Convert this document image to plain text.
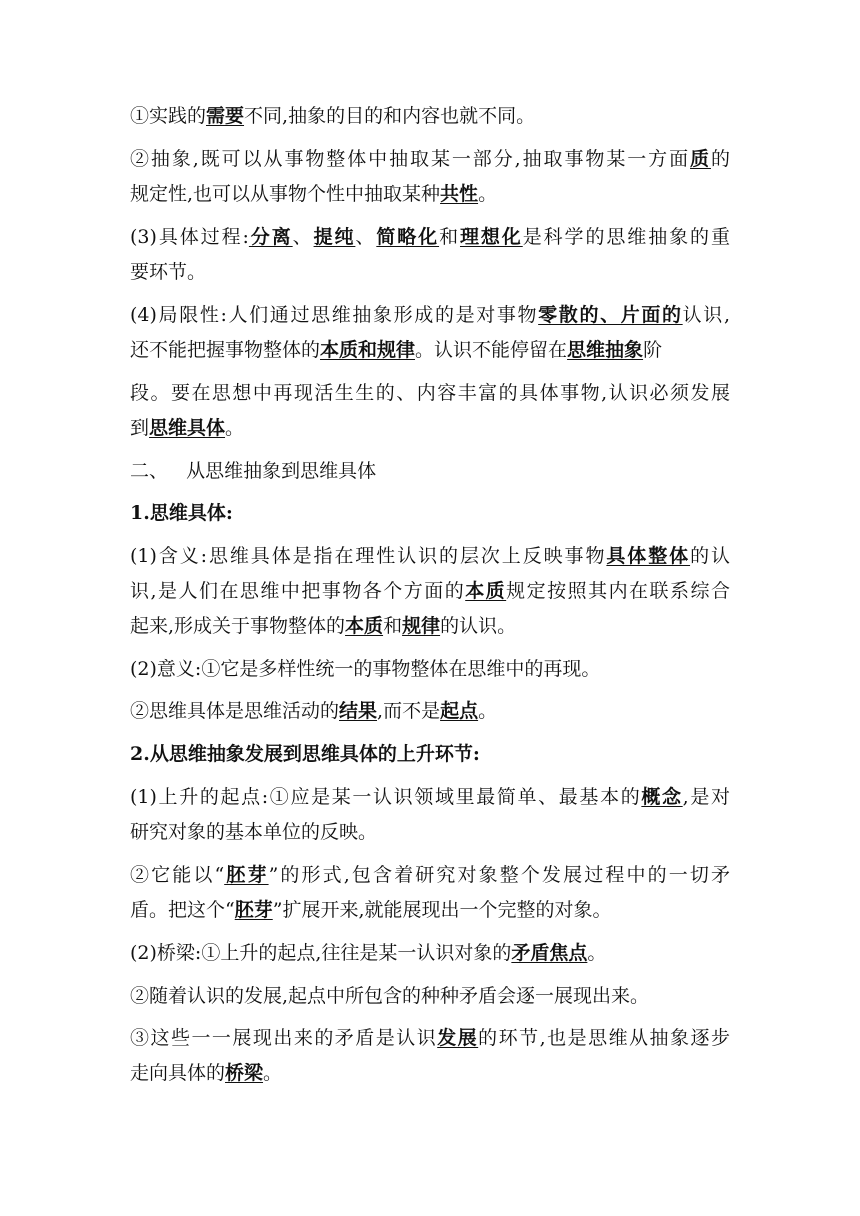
①实践的需要不同,抽象的目的和内容也就不同。
②抽象,既可以从事物整体中抽取某一部分,抽取事物某一方面质的
规定性,也可以从事物个性中抽取某种共性。
(3)具体过程:分离、提纯、简略化和理想化是科学的思维抽象的重
要环节。
(4)局限性:人们通过思维抽象形成的是对事物零散的、片面的认识,
还不能把握事物整体的本质和规律。认识不能停留在思维抽象阶
段。要在思想中再现活生生的、内容丰富的具体事物,认识必须发展
到思维具体。
二、   从思维抽象到思维具体
1.思维具体:
(1)含义:思维具体是指在理性认识的层次上反映事物具体整体的认
识,是人们在思维中把事物各个方面的本质规定按照其内在联系综合
起来,形成关于事物整体的本质和规律的认识。
(2)意义:①它是多样性统一的事物整体在思维中的再现。
②思维具体是思维活动的结果,而不是起点。
2.从思维抽象发展到思维具体的上升环节:
(1)上升的起点:①应是某一认识领域里最简单、最基本的概念,是对
研究对象的基本单位的反映。
②它能以“胚芽”的形式,包含着研究对象整个发展过程中的一切矛
盾。把这个“胚芽”扩展开来,就能展现出一个完整的对象。
(2)桥梁:①上升的起点,往往是某一认识对象的矛盾焦点。
②随着认识的发展,起点中所包含的种种矛盾会逐一展现出来。
③这些一一展现出来的矛盾是认识发展的环节,也是思维从抽象逐步
走向具体的桥梁。
